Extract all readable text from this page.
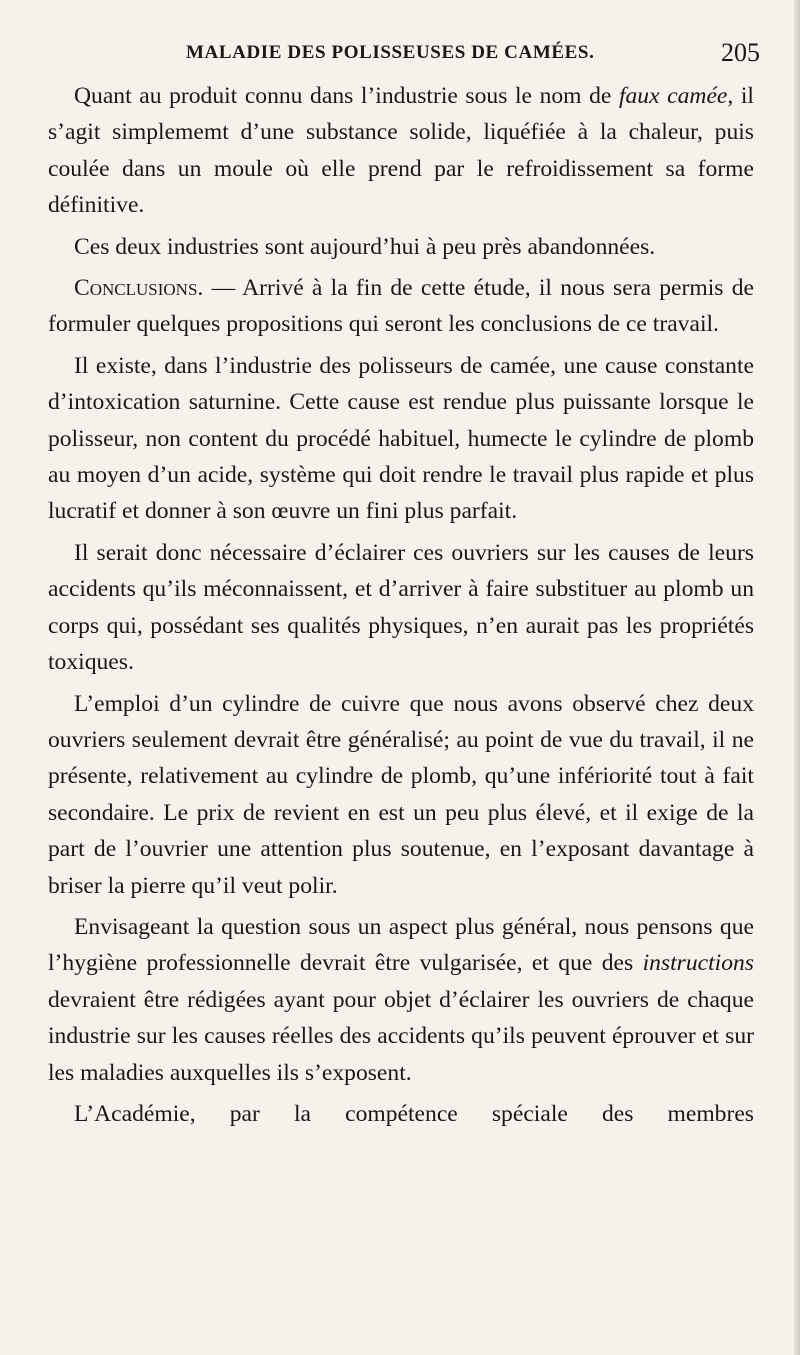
MALADIE DES POLISSEUSES DE CAMÉES.	205

Quant au produit connu dans l’industrie sous le nom de faux camée, il s’agit simplememt d’une substance solide, liquéfiée à la chaleur, puis coulée dans un moule où elle prend par le refroidissement sa forme définitive.

Ces deux industries sont aujourd’hui à peu près abandonnées.

Conclusions. — Arrivé à la fin de cette étude, il nous sera permis de formuler quelques propositions qui seront les conclusions de ce travail.

Il existe, dans l’industrie des polisseurs de camée, une cause constante d’intoxication saturnine. Cette cause est rendue plus puissante lorsque le polisseur, non content du procédé habituel, humecte le cylindre de plomb au moyen d’un acide, système qui doit rendre le travail plus rapide et plus lucratif et donner à son œuvre un fini plus parfait.

Il serait donc nécessaire d’éclairer ces ouvriers sur les causes de leurs accidents qu’ils méconnaissent, et d’arriver à faire substituer au plomb un corps qui, possédant ses qualités physiques, n’en aurait pas les propriétés toxiques.

L’emploi d’un cylindre de cuivre que nous avons observé chez deux ouvriers seulement devrait être généralisé; au point de vue du travail, il ne présente, relativement au cylindre de plomb, qu’une infériorité tout à fait secondaire. Le prix de revient en est un peu plus élevé, et il exige de la part de l’ouvrier une attention plus soutenue, en l’exposant davantage à briser la pierre qu’il veut polir.

Envisageant la question sous un aspect plus général, nous pensons que l’hygiène professionnelle devrait être vulgarisée, et que des instructions devraient être rédigées ayant pour objet d’éclairer les ouvriers de chaque industrie sur les causes réelles des accidents qu’ils peuvent éprouver et sur les maladies auxquelles ils s’exposent.

L’Académie, par la compétence spéciale des membres
